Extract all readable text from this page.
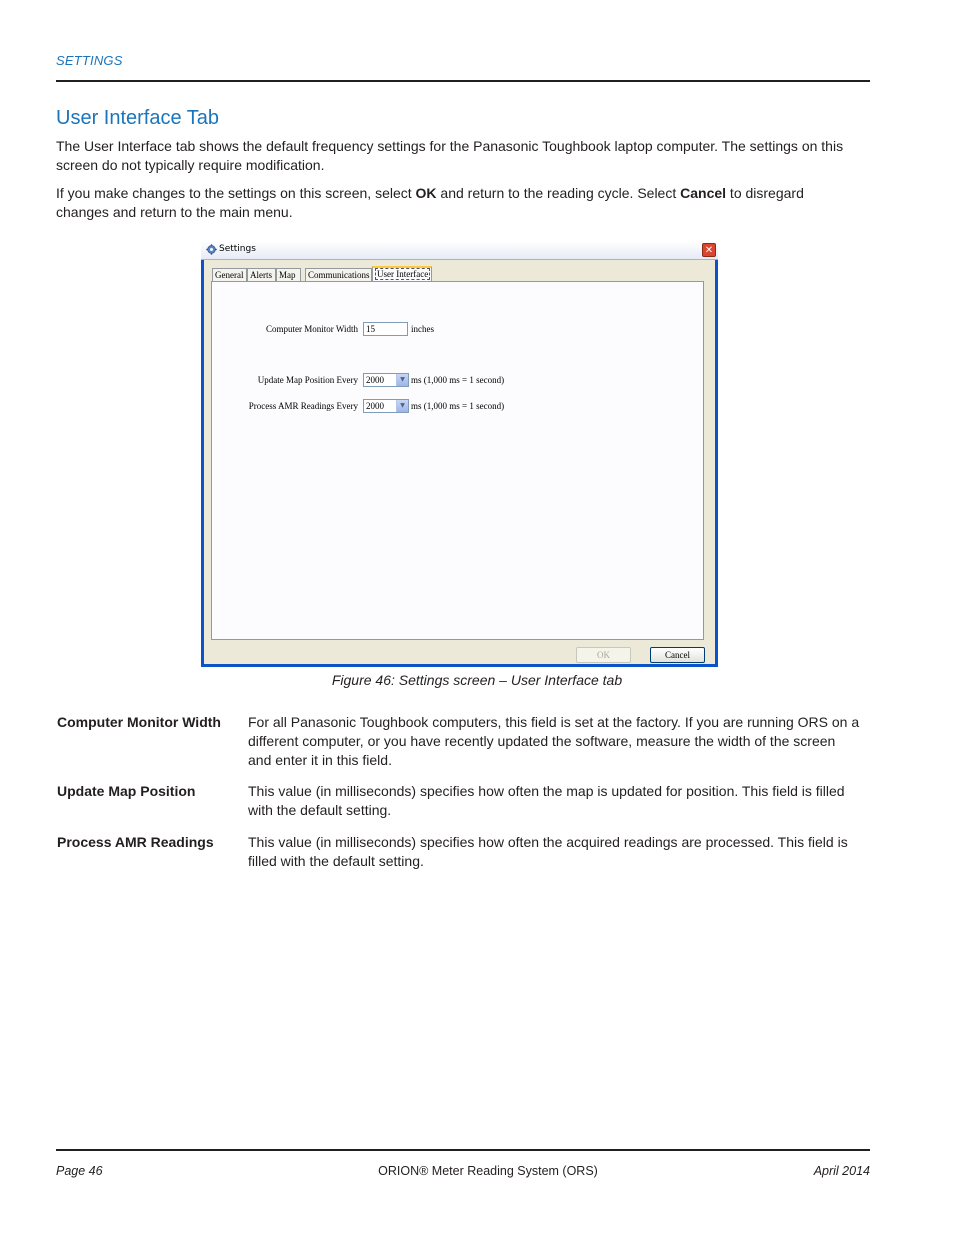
SETTINGS
User Interface Tab

The User Interface tab shows the default frequency settings for the Panasonic Toughbook laptop computer. The settings on this screen do not typically require modification.

If you make changes to the settings on this screen, select OK and return to the reading cycle. Select Cancel to disregard changes and return to the main menu.

Settings	✕
General Alerts Map	Communications User Interface
Computer Monitor Width 15	inches
Update Map Position Every 2000	▼ ms (1,000 ms = 1 second)
Process AMR Readings Every 2000	▼ ms (1,000 ms = 1 second)
OK	Cancel

Figure 46: Settings screen – User Interface tab

Computer Monitor Width	For all Panasonic Toughbook computers, this field is set at the factory. If you are running ORS on a different computer, or you have recently updated the software, measure the width of the screen and enter it in this field.
Update Map Position	This value (in milliseconds) specifies how often the map is updated for position. This field is filled with the default setting.
Process AMR Readings	This value (in milliseconds) specifies how often the acquired readings are processed. This field is filled with the default setting.
Page 46	ORION® Meter Reading System (ORS)	April 2014
